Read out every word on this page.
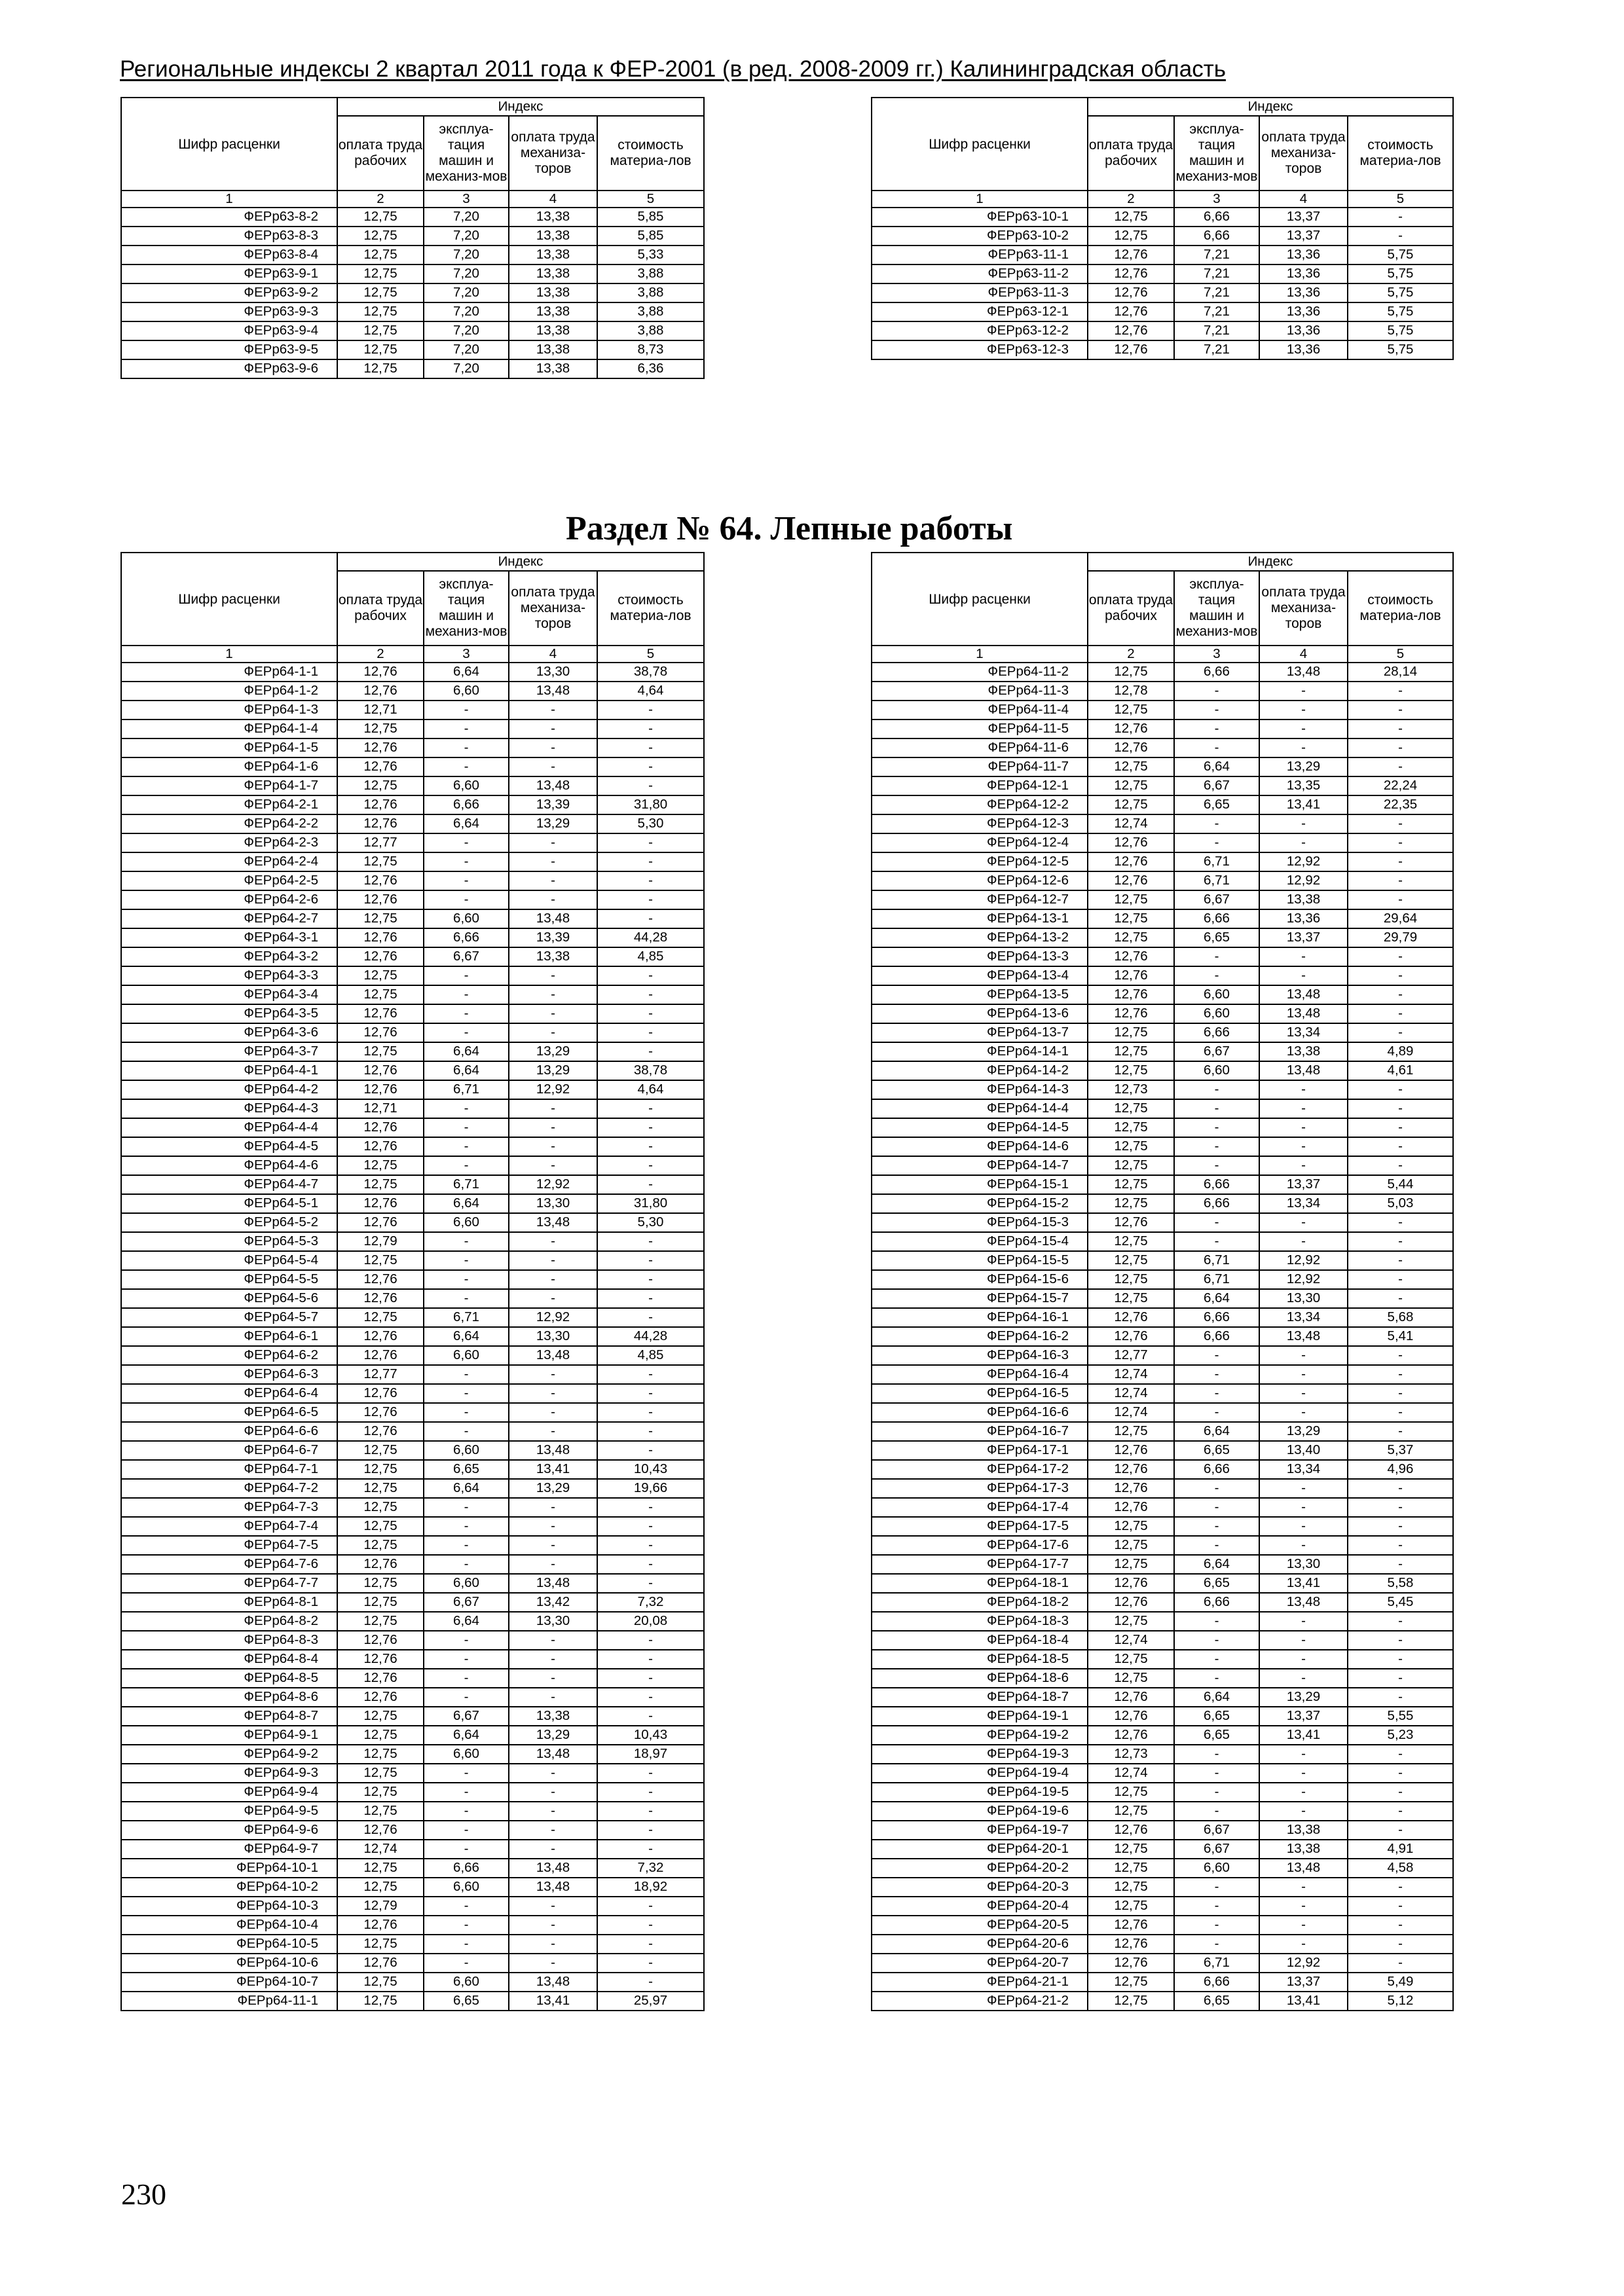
Региональные индексы 2 квартал 2011 года к ФЕР-2001 (в ред. 2008-2009 гг.) Калининградская область
Раздел № 64. Лепные работы
230
Шифр расценки	Индекс			
	оплата труда рабочих	эксплуа-тация машин и механиз-мов	оплата труда механиза-торов	стоимость материа-лов
1	2	3	4	5
ФЕРр63-8-2	12,75	7,20	13,38	5,85
ФЕРр63-8-3	12,75	7,20	13,38	5,85
ФЕРр63-8-4	12,75	7,20	13,38	5,33
ФЕРр63-9-1	12,75	7,20	13,38	3,88
ФЕРр63-9-2	12,75	7,20	13,38	3,88
ФЕРр63-9-3	12,75	7,20	13,38	3,88
ФЕРр63-9-4	12,75	7,20	13,38	3,88
ФЕРр63-9-5	12,75	7,20	13,38	8,73
ФЕРр63-9-6	12,75	7,20	13,38	6,36
Шифр расценки	Индекс			
	оплата труда рабочих	эксплуа-тация машин и механиз-мов	оплата труда механиза-торов	стоимость материа-лов
1	2	3	4	5
ФЕРр63-10-1	12,75	6,66	13,37	-
ФЕРр63-10-2	12,75	6,66	13,37	-
ФЕРр63-11-1	12,76	7,21	13,36	5,75
ФЕРр63-11-2	12,76	7,21	13,36	5,75
ФЕРр63-11-3	12,76	7,21	13,36	5,75
ФЕРр63-12-1	12,76	7,21	13,36	5,75
ФЕРр63-12-2	12,76	7,21	13,36	5,75
ФЕРр63-12-3	12,76	7,21	13,36	5,75
Шифр расценки	Индекс			
	оплата труда рабочих	эксплуа-тация машин и механиз-мов	оплата труда механиза-торов	стоимость материа-лов
1	2	3	4	5
ФЕРр64-1-1	12,76	6,64	13,30	38,78
ФЕРр64-1-2	12,76	6,60	13,48	4,64
ФЕРр64-1-3	12,71	-	-	-
ФЕРр64-1-4	12,75	-	-	-
ФЕРр64-1-5	12,76	-	-	-
ФЕРр64-1-6	12,76	-	-	-
ФЕРр64-1-7	12,75	6,60	13,48	-
ФЕРр64-2-1	12,76	6,66	13,39	31,80
ФЕРр64-2-2	12,76	6,64	13,29	5,30
ФЕРр64-2-3	12,77	-	-	-
ФЕРр64-2-4	12,75	-	-	-
ФЕРр64-2-5	12,76	-	-	-
ФЕРр64-2-6	12,76	-	-	-
ФЕРр64-2-7	12,75	6,60	13,48	-
ФЕРр64-3-1	12,76	6,66	13,39	44,28
ФЕРр64-3-2	12,76	6,67	13,38	4,85
ФЕРр64-3-3	12,75	-	-	-
ФЕРр64-3-4	12,75	-	-	-
ФЕРр64-3-5	12,76	-	-	-
ФЕРр64-3-6	12,76	-	-	-
ФЕРр64-3-7	12,75	6,64	13,29	-
ФЕРр64-4-1	12,76	6,64	13,29	38,78
ФЕРр64-4-2	12,76	6,71	12,92	4,64
ФЕРр64-4-3	12,71	-	-	-
ФЕРр64-4-4	12,76	-	-	-
ФЕРр64-4-5	12,76	-	-	-
ФЕРр64-4-6	12,75	-	-	-
ФЕРр64-4-7	12,75	6,71	12,92	-
ФЕРр64-5-1	12,76	6,64	13,30	31,80
ФЕРр64-5-2	12,76	6,60	13,48	5,30
ФЕРр64-5-3	12,79	-	-	-
ФЕРр64-5-4	12,75	-	-	-
ФЕРр64-5-5	12,76	-	-	-
ФЕРр64-5-6	12,76	-	-	-
ФЕРр64-5-7	12,75	6,71	12,92	-
ФЕРр64-6-1	12,76	6,64	13,30	44,28
ФЕРр64-6-2	12,76	6,60	13,48	4,85
ФЕРр64-6-3	12,77	-	-	-
ФЕРр64-6-4	12,76	-	-	-
ФЕРр64-6-5	12,76	-	-	-
ФЕРр64-6-6	12,76	-	-	-
ФЕРр64-6-7	12,75	6,60	13,48	-
ФЕРр64-7-1	12,75	6,65	13,41	10,43
ФЕРр64-7-2	12,75	6,64	13,29	19,66
ФЕРр64-7-3	12,75	-	-	-
ФЕРр64-7-4	12,75	-	-	-
ФЕРр64-7-5	12,75	-	-	-
ФЕРр64-7-6	12,76	-	-	-
ФЕРр64-7-7	12,75	6,60	13,48	-
ФЕРр64-8-1	12,75	6,67	13,42	7,32
ФЕРр64-8-2	12,75	6,64	13,30	20,08
ФЕРр64-8-3	12,76	-	-	-
ФЕРр64-8-4	12,76	-	-	-
ФЕРр64-8-5	12,76	-	-	-
ФЕРр64-8-6	12,76	-	-	-
ФЕРр64-8-7	12,75	6,67	13,38	-
ФЕРр64-9-1	12,75	6,64	13,29	10,43
ФЕРр64-9-2	12,75	6,60	13,48	18,97
ФЕРр64-9-3	12,75	-	-	-
ФЕРр64-9-4	12,75	-	-	-
ФЕРр64-9-5	12,75	-	-	-
ФЕРр64-9-6	12,76	-	-	-
ФЕРр64-9-7	12,74	-	-	-
ФЕРр64-10-1	12,75	6,66	13,48	7,32
ФЕРр64-10-2	12,75	6,60	13,48	18,92
ФЕРр64-10-3	12,79	-	-	-
ФЕРр64-10-4	12,76	-	-	-
ФЕРр64-10-5	12,75	-	-	-
ФЕРр64-10-6	12,76	-	-	-
ФЕРр64-10-7	12,75	6,60	13,48	-
ФЕРр64-11-1	12,75	6,65	13,41	25,97
Шифр расценки	Индекс			
	оплата труда рабочих	эксплуа-тация машин и механиз-мов	оплата труда механиза-торов	стоимость материа-лов
1	2	3	4	5
ФЕРр64-11-2	12,75	6,66	13,48	28,14
ФЕРр64-11-3	12,78	-	-	-
ФЕРр64-11-4	12,75	-	-	-
ФЕРр64-11-5	12,76	-	-	-
ФЕРр64-11-6	12,76	-	-	-
ФЕРр64-11-7	12,75	6,64	13,29	-
ФЕРр64-12-1	12,75	6,67	13,35	22,24
ФЕРр64-12-2	12,75	6,65	13,41	22,35
ФЕРр64-12-3	12,74	-	-	-
ФЕРр64-12-4	12,76	-	-	-
ФЕРр64-12-5	12,76	6,71	12,92	-
ФЕРр64-12-6	12,76	6,71	12,92	-
ФЕРр64-12-7	12,75	6,67	13,38	-
ФЕРр64-13-1	12,75	6,66	13,36	29,64
ФЕРр64-13-2	12,75	6,65	13,37	29,79
ФЕРр64-13-3	12,76	-	-	-
ФЕРр64-13-4	12,76	-	-	-
ФЕРр64-13-5	12,76	6,60	13,48	-
ФЕРр64-13-6	12,76	6,60	13,48	-
ФЕРр64-13-7	12,75	6,66	13,34	-
ФЕРр64-14-1	12,75	6,67	13,38	4,89
ФЕРр64-14-2	12,75	6,60	13,48	4,61
ФЕРр64-14-3	12,73	-	-	-
ФЕРр64-14-4	12,75	-	-	-
ФЕРр64-14-5	12,75	-	-	-
ФЕРр64-14-6	12,75	-	-	-
ФЕРр64-14-7	12,75	-	-	-
ФЕРр64-15-1	12,75	6,66	13,37	5,44
ФЕРр64-15-2	12,75	6,66	13,34	5,03
ФЕРр64-15-3	12,76	-	-	-
ФЕРр64-15-4	12,75	-	-	-
ФЕРр64-15-5	12,75	6,71	12,92	-
ФЕРр64-15-6	12,75	6,71	12,92	-
ФЕРр64-15-7	12,75	6,64	13,30	-
ФЕРр64-16-1	12,76	6,66	13,34	5,68
ФЕРр64-16-2	12,76	6,66	13,48	5,41
ФЕРр64-16-3	12,77	-	-	-
ФЕРр64-16-4	12,74	-	-	-
ФЕРр64-16-5	12,74	-	-	-
ФЕРр64-16-6	12,74	-	-	-
ФЕРр64-16-7	12,75	6,64	13,29	-
ФЕРр64-17-1	12,76	6,65	13,40	5,37
ФЕРр64-17-2	12,76	6,66	13,34	4,96
ФЕРр64-17-3	12,76	-	-	-
ФЕРр64-17-4	12,76	-	-	-
ФЕРр64-17-5	12,75	-	-	-
ФЕРр64-17-6	12,75	-	-	-
ФЕРр64-17-7	12,75	6,64	13,30	-
ФЕРр64-18-1	12,76	6,65	13,41	5,58
ФЕРр64-18-2	12,76	6,66	13,48	5,45
ФЕРр64-18-3	12,75	-	-	-
ФЕРр64-18-4	12,74	-	-	-
ФЕРр64-18-5	12,75	-	-	-
ФЕРр64-18-6	12,75	-	-	-
ФЕРр64-18-7	12,76	6,64	13,29	-
ФЕРр64-19-1	12,76	6,65	13,37	5,55
ФЕРр64-19-2	12,76	6,65	13,41	5,23
ФЕРр64-19-3	12,73	-	-	-
ФЕРр64-19-4	12,74	-	-	-
ФЕРр64-19-5	12,75	-	-	-
ФЕРр64-19-6	12,75	-	-	-
ФЕРр64-19-7	12,76	6,67	13,38	-
ФЕРр64-20-1	12,75	6,67	13,38	4,91
ФЕРр64-20-2	12,75	6,60	13,48	4,58
ФЕРр64-20-3	12,75	-	-	-
ФЕРр64-20-4	12,75	-	-	-
ФЕРр64-20-5	12,76	-	-	-
ФЕРр64-20-6	12,76	-	-	-
ФЕРр64-20-7	12,76	6,71	12,92	-
ФЕРр64-21-1	12,75	6,66	13,37	5,49
ФЕРр64-21-2	12,75	6,65	13,41	5,12
